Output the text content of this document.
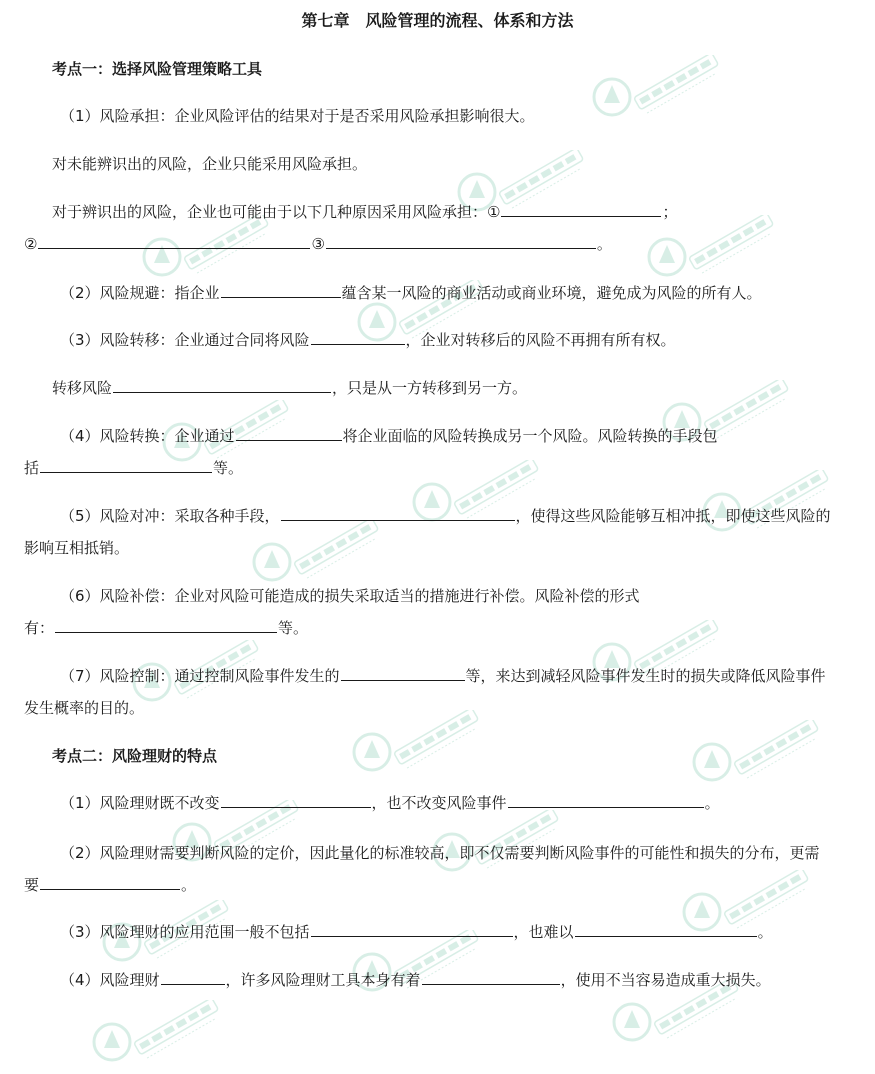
第七章　风险管理的流程、体系和方法
考点一：选择风险管理策略工具
（1）风险承担：企业风险评估的结果对于是否采用风险承担影响很大。
对未能辨识出的风险，企业只能采用风险承担。
对于辨识出的风险，企业也可能由于以下几种原因采用风险承担：①	；
②	③	。
（2）风险规避：指企业	蕴含某一风险的商业活动或商业环境，避免成为风险的所有人。
（3）风险转移：企业通过合同将风险	，企业对转移后的风险不再拥有所有权。
转移风险	，只是从一方转移到另一方。
（4）风险转换：企业通过	将企业面临的风险转换成另一个风险。风险转换的手段包
括	等。
（5）风险对冲：采取各种手段，	，使得这些风险能够互相冲抵，即使这些风险的
影响互相抵销。
（6）风险补偿：企业对风险可能造成的损失采取适当的措施进行补偿。风险补偿的形式
有：	等。
（7）风险控制：通过控制风险事件发生的	等，来达到减轻风险事件发生时的损失或降低风险事件
发生概率的目的。
考点二：风险理财的特点
（1）风险理财既不改变	，也不改变风险事件	。
（2）风险理财需要判断风险的定价，因此量化的标准较高，即不仅需要判断风险事件的可能性和损失的分布，更需
要	。
（3）风险理财的应用范围一般不包括	，也难以	。
（4）风险理财	，许多风险理财工具本身有着	，使用不当容易造成重大损失。
